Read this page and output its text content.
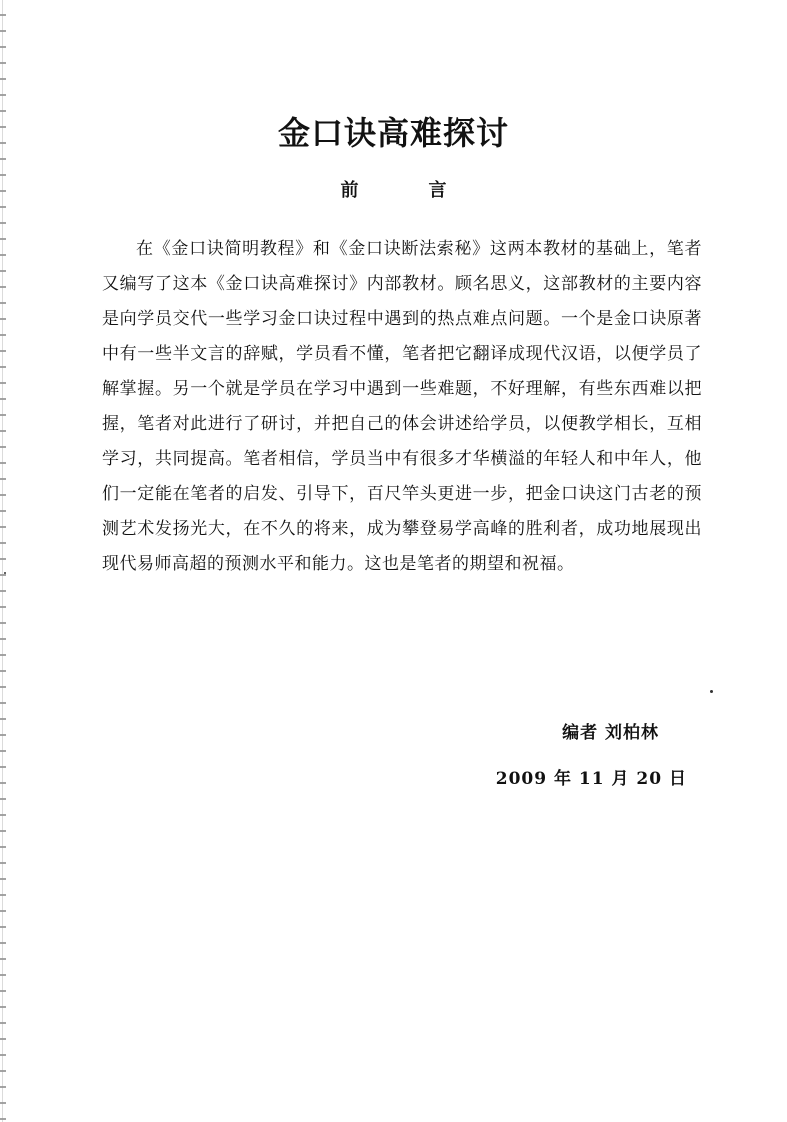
金口诀高难探讨
前	言
在《金口诀简明教程》和《金口诀断法索秘》这两本教材的基础上，笔者又编写了这本《金口诀高难探讨》内部教材。顾名思义，这部教材的主要内容是向学员交代一些学习金口诀过程中遇到的热点难点问题。一个是金口诀原著中有一些半文言的辞赋，学员看不懂，笔者把它翻译成现代汉语，以便学员了解掌握。另一个就是学员在学习中遇到一些难题，不好理解，有些东西难以把握，笔者对此进行了研讨，并把自己的体会讲述给学员，以便教学相长，互相学习，共同提高。笔者相信，学员当中有很多才华横溢的年轻人和中年人，他们一定能在笔者的启发、引导下，百尺竿头更进一步，把金口诀这门古老的预测艺术发扬光大，在不久的将来，成为攀登易学高峰的胜利者，成功地展现出现代易师高超的预测水平和能力。这也是笔者的期望和祝福。
编者 刘柏林
2009 年 11 月 20 日
